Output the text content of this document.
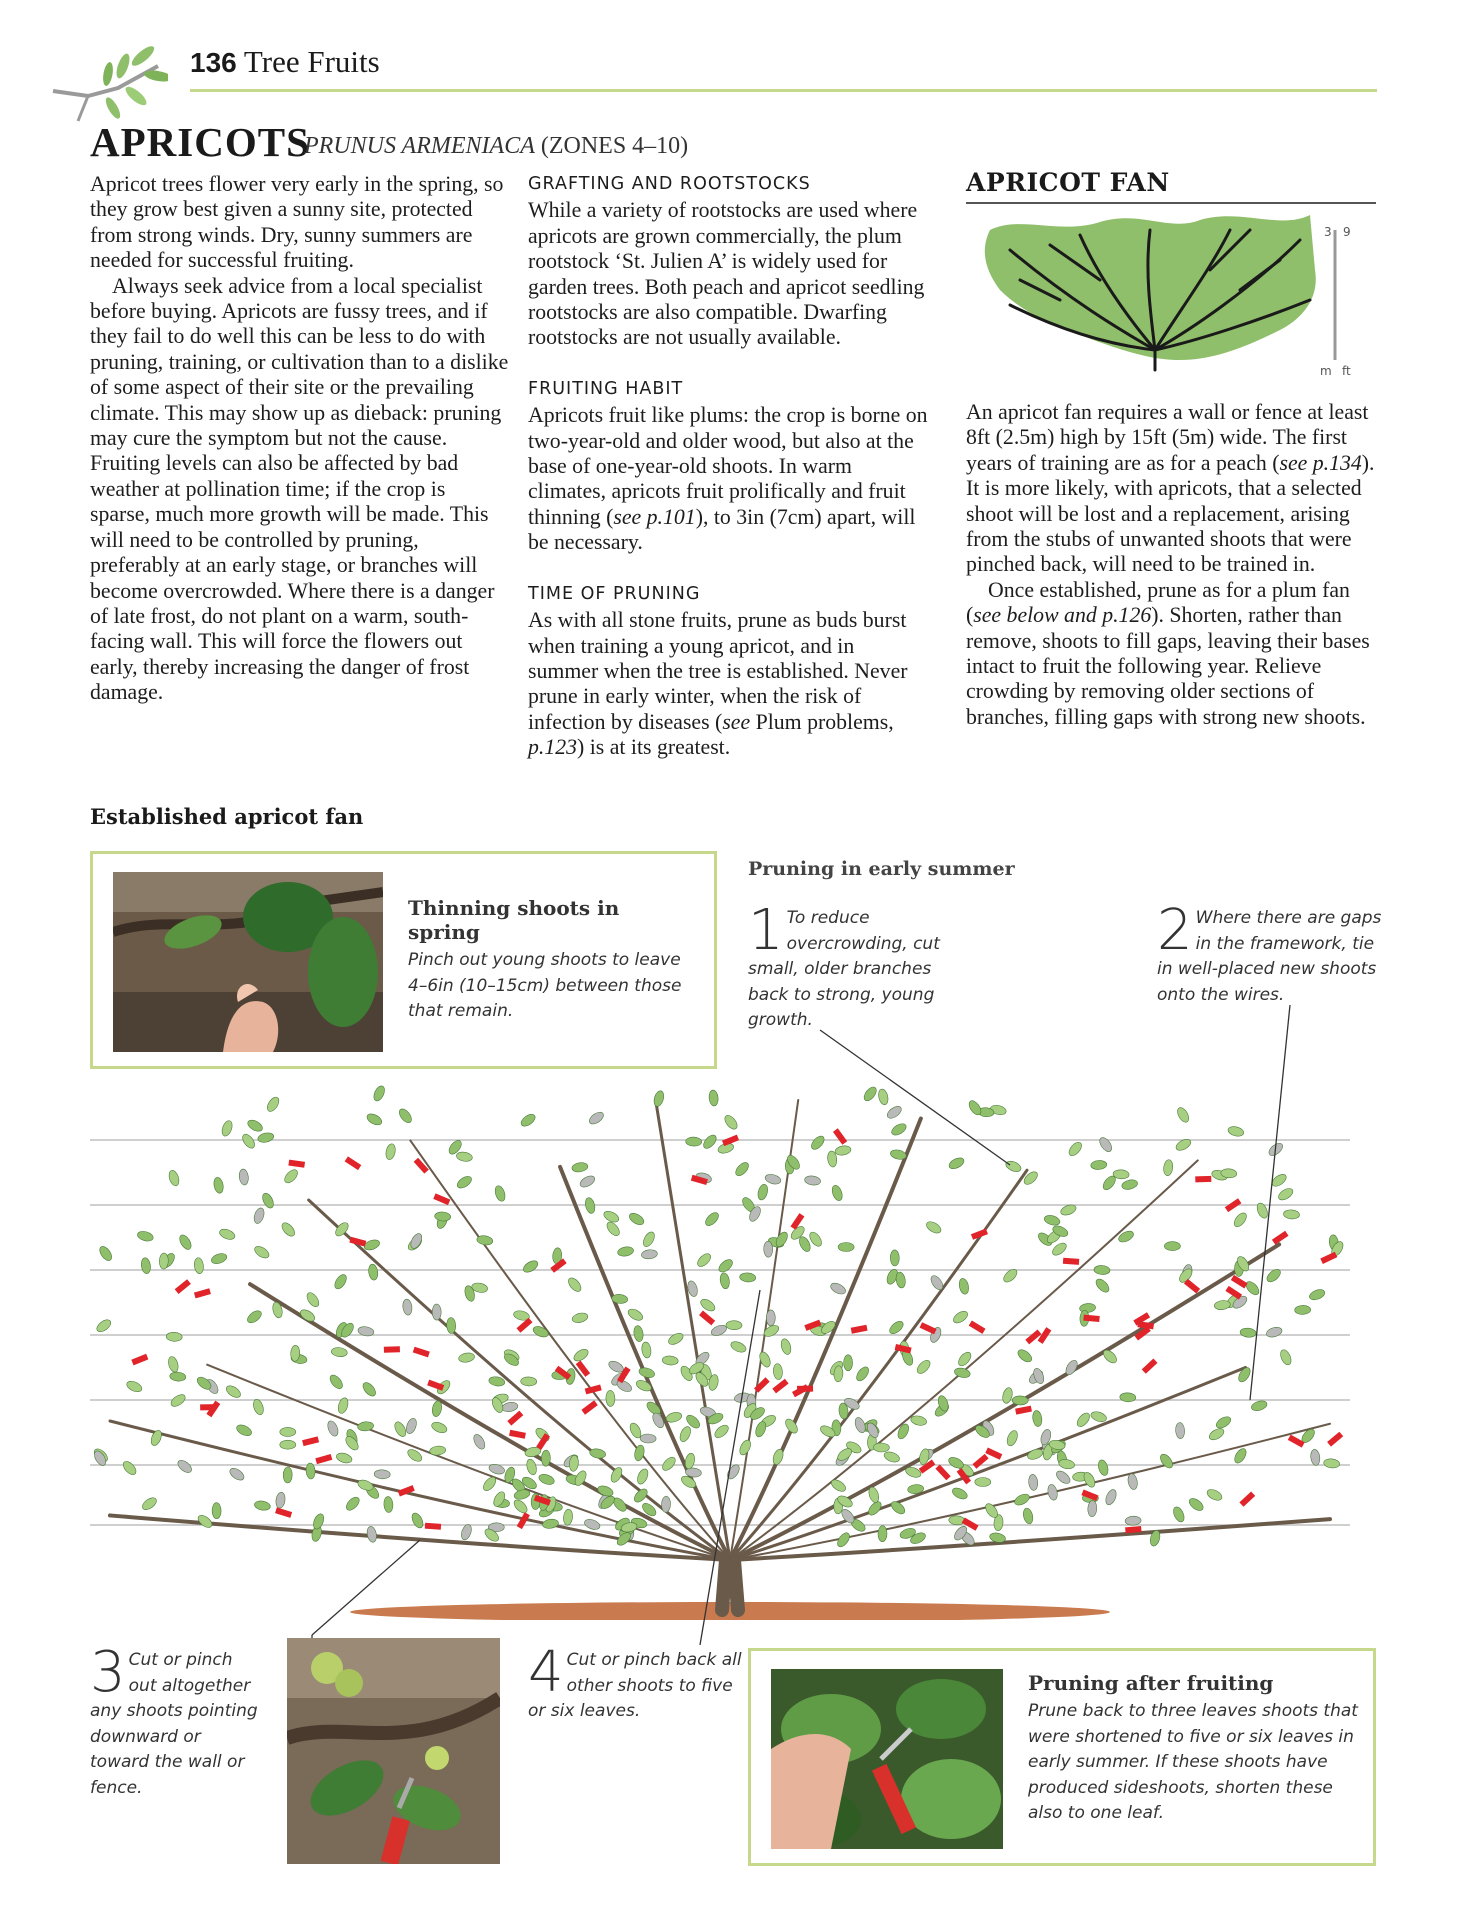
136 Tree Fruits
APRICOTS
PRUNUS ARMENIACA (ZONES 4–10)

Apricot trees flower very early in the spring, so they grow best given a sunny site, protected from strong winds. Dry, sunny summers are needed for successful fruiting.

Always seek advice from a local specialist before buying. Apricots are fussy trees, and if they fail to do well this can be less to do with pruning, training, or cultivation than to a dislike of some aspect of their site or the prevailing climate. This may show up as dieback: pruning may cure the symptom but not the cause. Fruiting levels can also be affected by bad weather at pollination time; if the crop is sparse, much more growth will be made. This will need to be controlled by pruning, preferably at an early stage, or branches will become overcrowded. Where there is a danger of late frost, do not plant on a warm, south-facing wall. This will force the flowers out early, thereby increasing the danger of frost damage.

GRAFTING AND ROOTSTOCKS

While a variety of rootstocks are used where apricots are grown commercially, the plum rootstock ‘St. Julien A’ is widely used for garden trees. Both peach and apricot seedling rootstocks are also compatible. Dwarfing rootstocks are not usually available.

FRUITING HABIT

Apricots fruit like plums: the crop is borne on two-year-old and older wood, but also at the base of one-year-old shoots. In warm climates, apricots fruit prolifically and fruit thinning (see p.101), to 3in (7cm) apart, will be necessary.

TIME OF PRUNING

As with all stone fruits, prune as buds burst when training a young apricot, and in summer when the tree is established. Never prune in early winter, when the risk of infection by diseases (see Plum problems, p.123) is at its greatest.

APRICOT FAN
3 9
m ft

An apricot fan requires a wall or fence at least 8ft (2.5m) high by 15ft (5m) wide. The first years of training are as for a peach (see p.134). It is more likely, with apricots, that a selected shoot will be lost and a replacement, arising from the stubs of unwanted shoots that were pinched back, will need to be trained in.

Once established, prune as for a plum fan (see below and p.126). Shorten, rather than remove, shoots to fill gaps, leaving their bases intact to fruit the following year. Relieve crowding by removing older sections of branches, filling gaps with strong new shoots.

Established apricot fan
Thinning shoots in spring
Pinch out young shoots to leave 4–6in (10–15cm) between those that remain.
Pruning in early summer
1 To reduce overcrowding, cut small, older branches back to strong, young growth.
2 Where there are gaps in the framework, tie in well-placed new shoots onto the wires.
3 Cut or pinch out altogether any shoots pointing downward or toward the wall or fence.
4 Cut or pinch back all other shoots to five or six leaves.
Pruning after fruiting
Prune back to three leaves shoots that were shortened to five or six leaves in early summer. If these shoots have produced sideshoots, shorten these also to one leaf.
